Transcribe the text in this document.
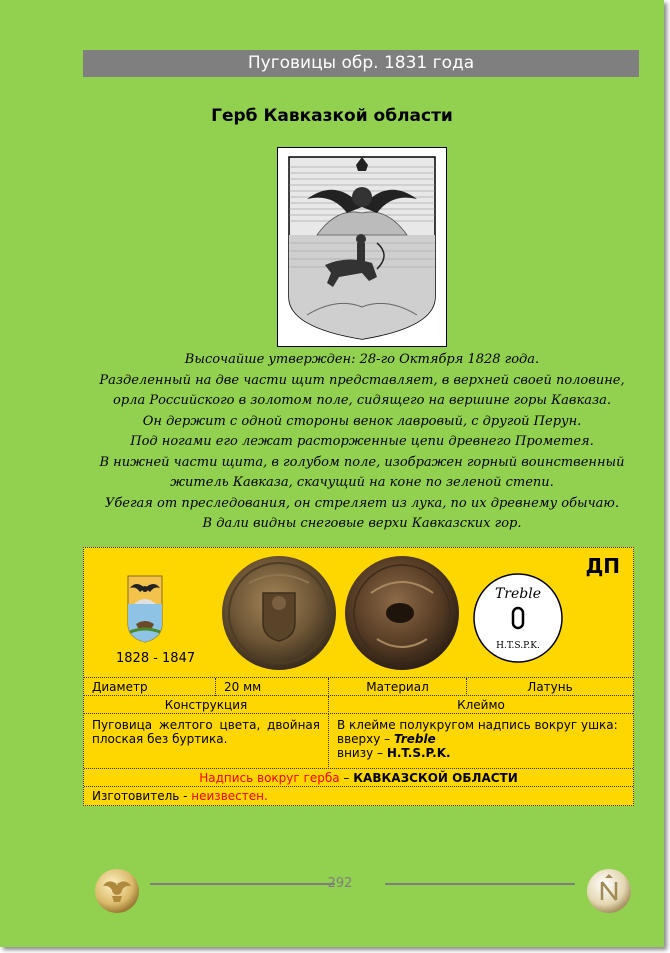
Пуговицы обр. 1831 года
Герб Кавказкой области
Высочайше утвержден: 28-го Октября 1828 года.
Разделенный на две части щит представляет, в верхней своей половине,
орла Российского в золотом поле, сидящего на вершине горы Кавказа.
Он держит с одной стороны венок лавровый, с другой Перун.
Под ногами его лежат расторженные цепи древнего Прометея.
В нижней части щита, в голубом поле, изображен горный воинственный
житель Кавказа, скачущий на коне по зеленой степи.
Убегая от преследования, он стреляет из лука, по их древнему обычаю.
В дали видны снеговые верхи Кавказских гор.
ДП
1828 - 1847
Treble
H.T.S.P.K.
Диаметр	20 мм	Материал	Латунь
Конструкция	Клеймо
Пуговица желтого цвета, двойная плоская без буртика.
В клейме полукругом надпись вокруг ушка:
вверху – Treble
внизу – H.T.S.P.K.
Надпись вокруг герба – КАВКАЗСКОЙ ОБЛАСТИ
Изготовитель - неизвестен.
292
